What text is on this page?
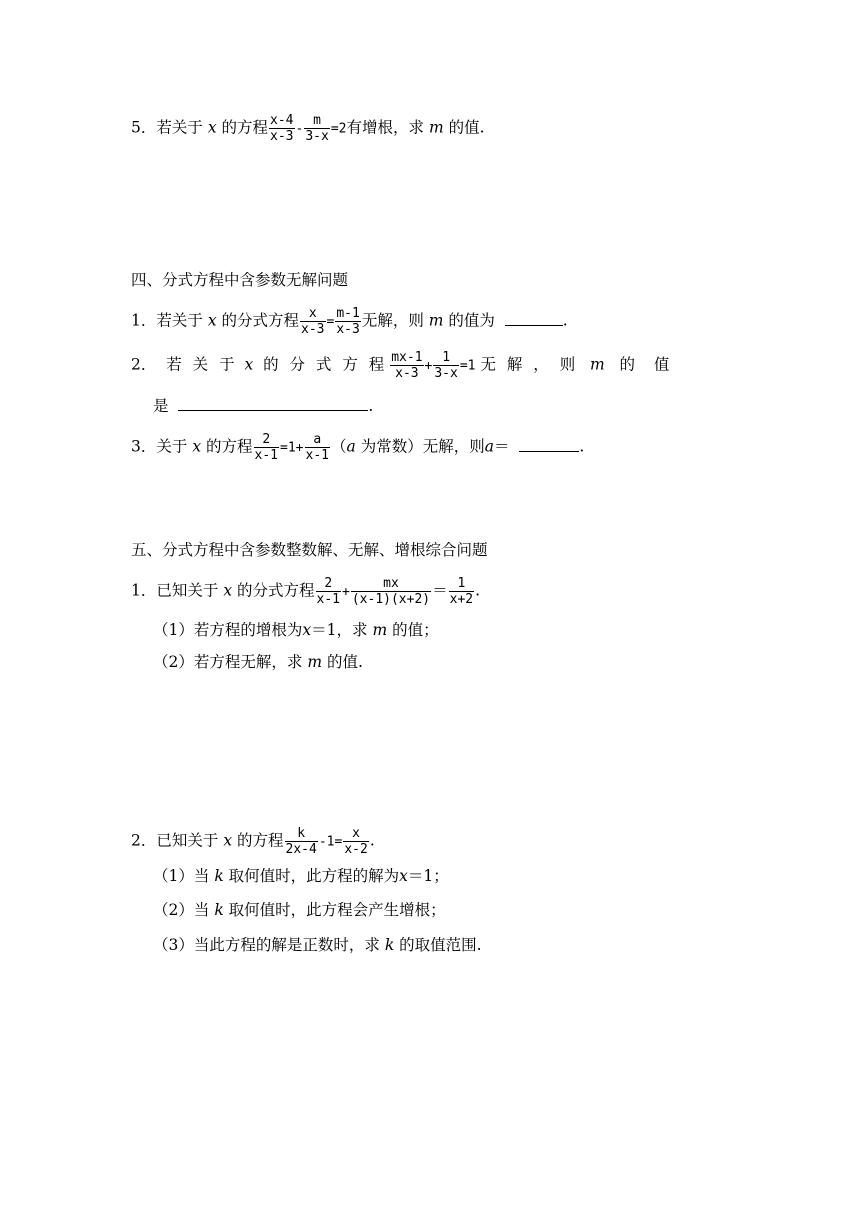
5．若关于 x 的方程 $\frac{x-4}{x-3} - \frac{m}{3-x} =2$有增根，求 m 的值.
四、分式方程中含参数无解问题
1．若关于 x 的分式方程 $\frac{x}{x-3} = \frac{m-1}{x-3}$ 无解，则 m 的值为	.
2． 若 关 于 x 的 分 式 方 程 $\frac{mx-1}{x-3} + \frac{1}{3-x} =1$ 无 解 ， 则 m 的 值
是	.
3．关于 x 的方程 $\frac{2}{x-1} =1+ \frac{a}{x-1} (a$ 为常数）无解，则a＝	.
五、分式方程中含参数整数解、无解、增根综合问题
1．已知关于 x 的分式方程 $\frac{2}{x-1} + \frac{mx}{(x-1)(x+2)} = \frac{1}{x+2}$ .
（1）若方程的增根为x＝1，求 m 的值；
（2）若方程无解，求 m 的值.
2．已知关于 x 的方程 $\frac{k}{2x-4} -1= \frac{x}{x-2}$ .
（1）当 k 取何值时，此方程的解为x＝1；
（2）当 k 取何值时，此方程会产生增根；
（3）当此方程的解是正数时，求 k 的取值范围.
